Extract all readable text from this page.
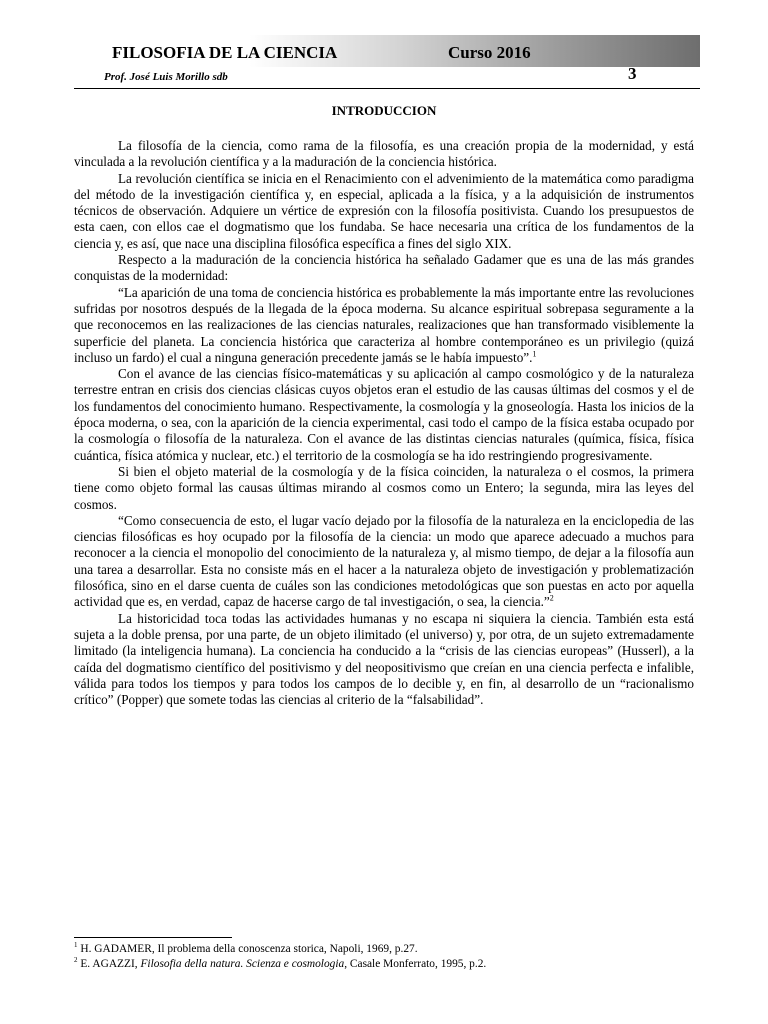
FILOSOFIA DE LA CIENCIA	Curso 2016
Prof. José Luis Morillo sdb	3
INTRODUCCION

La filosofía de la ciencia, como rama de la filosofía, es una creación propia de la modernidad, y está vinculada a la revolución científica y a la maduración de la conciencia histórica.

La revolución científica se inicia en el Renacimiento con el advenimiento de la matemática como paradigma del método de la investigación científica y, en especial, aplicada a la física, y a la adquisición de instrumentos técnicos de observación. Adquiere un vértice de expresión con la filosofía positivista. Cuando los presupuestos de esta caen, con ellos cae el dogmatismo que los fundaba. Se hace necesaria una crítica de los fundamentos de la ciencia y, es así, que nace una disciplina filosófica específica a fines del siglo XIX.

Respecto a la maduración de la conciencia histórica ha señalado Gadamer que es una de las más grandes conquistas de la modernidad:

“La aparición de una toma de conciencia histórica es probablemente la más importante entre las revoluciones sufridas por nosotros después de la llegada de la época moderna. Su alcance espiritual sobrepasa seguramente a la que reconocemos en las realizaciones de las ciencias naturales, realizaciones que han transformado visiblemente la superficie del planeta. La conciencia histórica que caracteriza al hombre contemporáneo es un privilegio (quizá incluso un fardo) el cual a ninguna generación precedente jamás se le había impuesto”.$^1$

Con el avance de las ciencias físico-matemáticas y su aplicación al campo cosmológico y de la naturaleza terrestre entran en crisis dos ciencias clásicas cuyos objetos eran el estudio de las causas últimas del cosmos y el de los fundamentos del conocimiento humano. Respectivamente, la cosmología y la gnoseología. Hasta los inicios de la época moderna, o sea, con la aparición de la ciencia experimental, casi todo el campo de la física estaba ocupado por la cosmología o filosofía de la naturaleza. Con el avance de las distintas ciencias naturales (química, física, física cuántica, física atómica y nuclear, etc.) el territorio de la cosmología se ha ido restringiendo progresivamente.

Si bien el objeto material de la cosmología y de la física coinciden, la naturaleza o el cosmos, la primera tiene como objeto formal las causas últimas mirando al cosmos como un Entero; la segunda, mira las leyes del cosmos.

“Como consecuencia de esto, el lugar vacío dejado por la filosofía de la naturaleza en la enciclopedia de las ciencias filosóficas es hoy ocupado por la filosofía de la ciencia: un modo que aparece adecuado a muchos para reconocer a la ciencia el monopolio del conocimiento de la naturaleza y, al mismo tiempo, de dejar a la filosofía aun una tarea a desarrollar. Esta no consiste más en el hacer a la naturaleza objeto de investigación y problematización filosófica, sino en el darse cuenta de cuáles son las condiciones metodológicas que son puestas en acto por aquella actividad que es, en verdad, capaz de hacerse cargo de tal investigación, o sea, la ciencia.”$^2$

La historicidad toca todas las actividades humanas y no escapa ni siquiera la ciencia. También esta está sujeta a la doble prensa, por una parte, de un objeto ilimitado (el universo) y, por otra, de un sujeto extremadamente limitado (la inteligencia humana). La conciencia ha conducido a la “crisis de las ciencias europeas” (Husserl), a la caída del dogmatismo científico del positivismo y del neopositivismo que creían en una ciencia perfecta e infalible, válida para todos los tiempos y para todos los campos de lo decible y, en fin, al desarrollo de un “racionalismo crítico” (Popper) que somete todas las ciencias al criterio de la “falsabilidad”.

$^1$ H. GADAMER, Il problema della conoscenza storica, Napoli, 1969, p.27.
$^2$ E. AGAZZI, Filosofia della natura. Scienza e cosmologia, Casale Monferrato, 1995, p.2.
